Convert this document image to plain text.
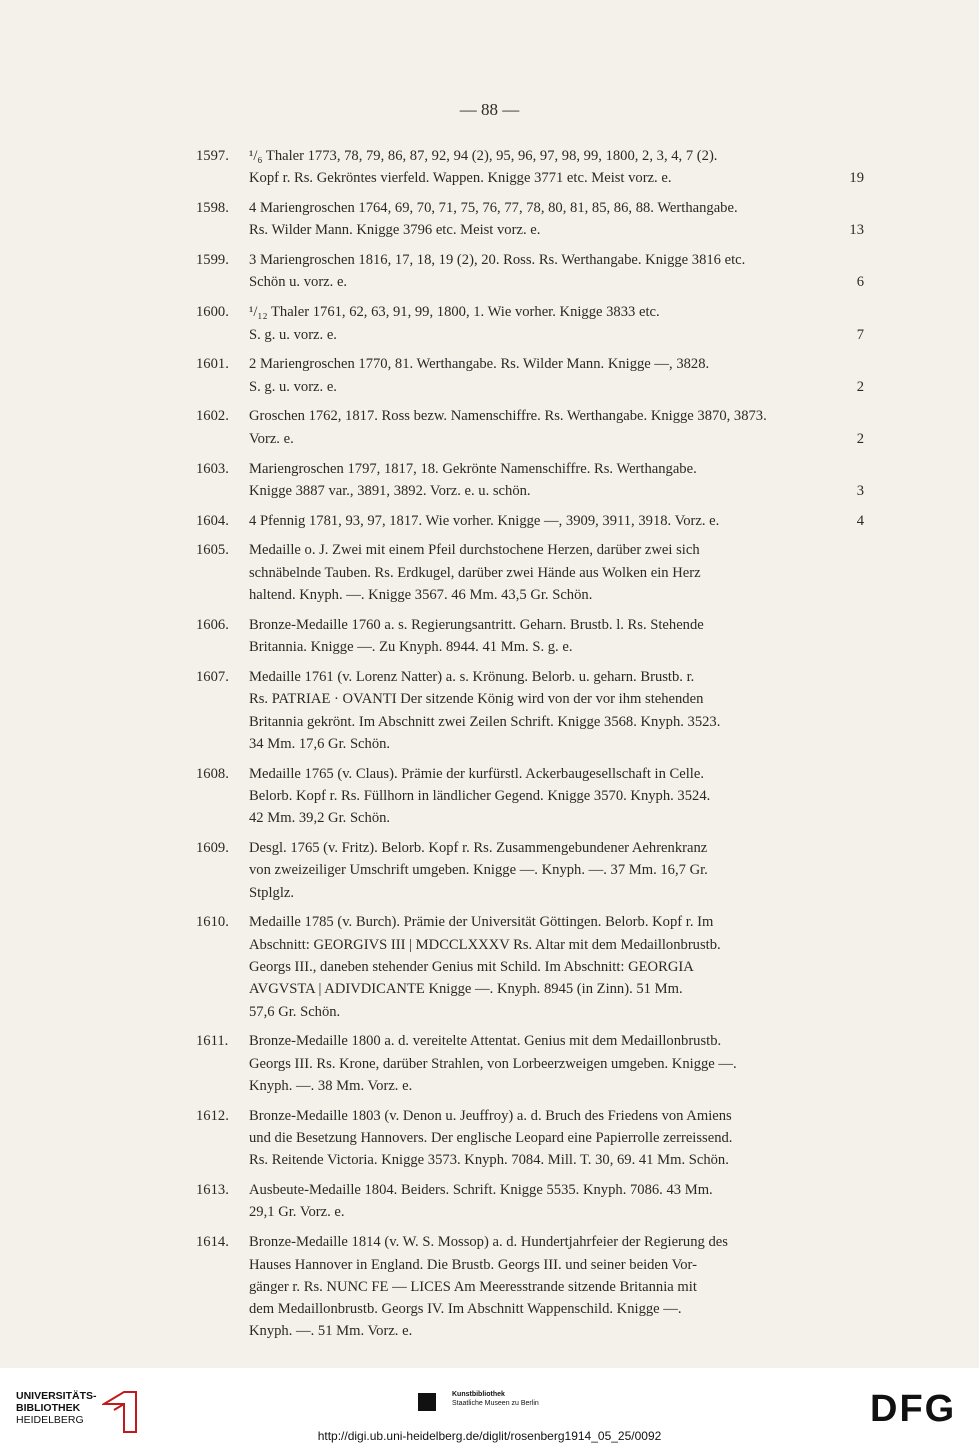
— 88 —
1597. ¹/₆ Thaler 1773, 78, 79, 86, 87, 92, 94 (2), 95, 96, 97, 98, 99, 1800, 2, 3, 4, 7 (2).
Kopf r. Rs. Gekröntes vierfeld. Wappen. Knigge 3771 etc. Meist vorz. e.	19
1598. 4 Mariengroschen 1764, 69, 70, 71, 75, 76, 77, 78, 80, 81, 85, 86, 88. Werthangabe.
Rs. Wilder Mann. Knigge 3796 etc. Meist vorz. e.	13
1599. 3 Mariengroschen 1816, 17, 18, 19 (2), 20. Ross. Rs. Werthangabe. Knigge 3816 etc.
Schön u. vorz. e.	6
1600. ¹/₁₂ Thaler 1761, 62, 63, 91, 99, 1800, 1. Wie vorher. Knigge 3833 etc.
S. g. u. vorz. e.	7
1601. 2 Mariengroschen 1770, 81. Werthangabe. Rs. Wilder Mann. Knigge —, 3828.
S. g. u. vorz. e.	2
1602. Groschen 1762, 1817. Ross bezw. Namenschiffre. Rs. Werthangabe. Knigge 3870, 3873.
Vorz. e.	2
1603. Mariengroschen 1797, 1817, 18. Gekrönte Namenschiffre. Rs. Werthangabe.
Knigge 3887 var., 3891, 3892. Vorz. e. u. schön.	3
1604. 4 Pfennig 1781, 93, 97, 1817. Wie vorher. Knigge —, 3909, 3911, 3918. Vorz. e.	4
1605. Medaille o. J. Zwei mit einem Pfeil durchstochene Herzen, darüber zwei sich
schnäbelnde Tauben. Rs. Erdkugel, darüber zwei Hände aus Wolken ein Herz
haltend. Knyph. —. Knigge 3567. 46 Mm. 43,5 Gr. Schön.
1606. Bronze-Medaille 1760 a. s. Regierungsantritt. Geharn. Brustb. l. Rs. Stehende
Britannia. Knigge —. Zu Knyph. 8944. 41 Mm. S. g. e.
1607. Medaille 1761 (v. Lorenz Natter) a. s. Krönung. Belorb. u. geharn. Brustb. r.
Rs. PATRIAE · OVANTI Der sitzende König wird von der vor ihm stehenden
Britannia gekrönt. Im Abschnitt zwei Zeilen Schrift. Knigge 3568. Knyph. 3523.
34 Mm. 17,6 Gr. Schön.
1608. Medaille 1765 (v. Claus). Prämie der kurfürstl. Ackerbaugesellschaft in Celle.
Belorb. Kopf r. Rs. Füllhorn in ländlicher Gegend. Knigge 3570. Knyph. 3524.
42 Mm. 39,2 Gr. Schön.
1609. Desgl. 1765 (v. Fritz). Belorb. Kopf r. Rs. Zusammengebundener Aehrenkranz
von zweizeiliger Umschrift umgeben. Knigge —. Knyph. —. 37 Mm. 16,7 Gr.
Stplglz.
1610. Medaille 1785 (v. Burch). Prämie der Universität Göttingen. Belorb. Kopf r. Im
Abschnitt: GEORGIVS III | MDCCLXXXV Rs. Altar mit dem Medaillonbrustb.
Georgs III., daneben stehender Genius mit Schild. Im Abschnitt: GEORGIA
AVGVSTA | ADIVDICANTE Knigge —. Knyph. 8945 (in Zinn). 51 Mm.
57,6 Gr. Schön.
1611. Bronze-Medaille 1800 a. d. vereitelte Attentat. Genius mit dem Medaillonbrustb.
Georgs III. Rs. Krone, darüber Strahlen, von Lorbeerzweigen umgeben. Knigge —.
Knyph. —. 38 Mm. Vorz. e.
1612. Bronze-Medaille 1803 (v. Denon u. Jeuffroy) a. d. Bruch des Friedens von Amiens
und die Besetzung Hannovers. Der englische Leopard eine Papierrolle zerreissend.
Rs. Reitende Victoria. Knigge 3573. Knyph. 7084. Mill. T. 30, 69. 41 Mm. Schön.
1613. Ausbeute-Medaille 1804. Beiders. Schrift. Knigge 5535. Knyph. 7086. 43 Mm.
29,1 Gr. Vorz. e.
1614. Bronze-Medaille 1814 (v. W. S. Mossop) a. d. Hundertjahrfeier der Regierung des
Hauses Hannover in England. Die Brustb. Georgs III. und seiner beiden Vor-
gänger r. Rs. NUNC FE — LICES Am Meeresstrande sitzende Britannia mit
dem Medaillonbrustb. Georgs IV. Im Abschnitt Wappenschild. Knigge —.
Knyph. —. 51 Mm. Vorz. e.
UNIVERSITÄTS-
BIBLIOTHEK
HEIDELBERG
Kunstbibliothek
Staatliche Museen zu Berlin	DFG
http://digi.ub.uni-heidelberg.de/diglit/rosenberg1914_05_25/0092
